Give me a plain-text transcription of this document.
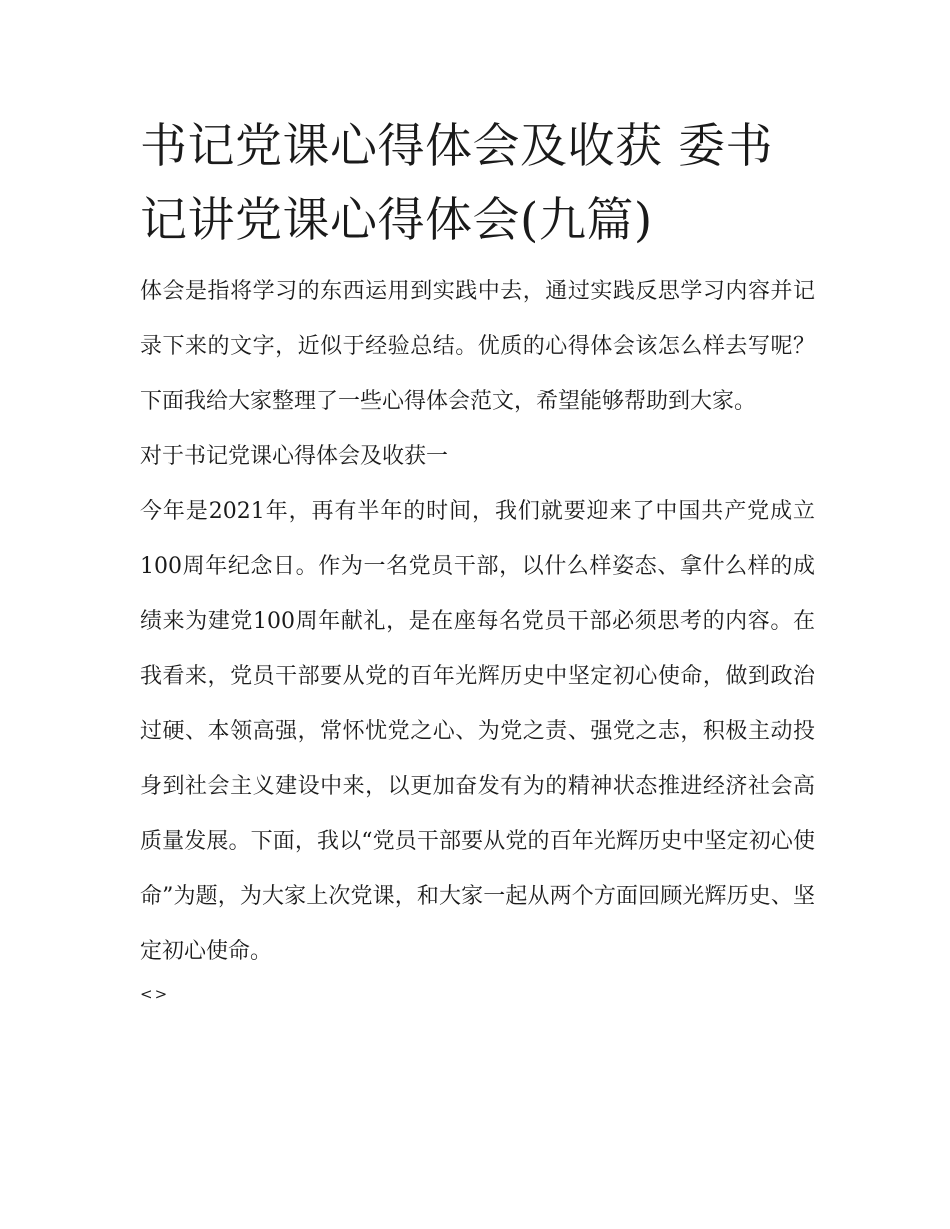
书记党课心得体会及收获 委书记讲党课心得体会(九篇)

体会是指将学习的东西运用到实践中去，通过实践反思学习内容并记录下来的文字，近似于经验总结。优质的心得体会该怎么样去写呢？下面我给大家整理了一些心得体会范文，希望能够帮助到大家。

对于书记党课心得体会及收获一

今年是2021年，再有半年的时间，我们就要迎来了中国共产党成立100周年纪念日。作为一名党员干部，以什么样姿态、拿什么样的成绩来为建党100周年献礼，是在座每名党员干部必须思考的内容。在我看来，党员干部要从党的百年光辉历史中坚定初心使命，做到政治过硬、本领高强，常怀忧党之心、为党之责、强党之志，积极主动投身到社会主义建设中来，以更加奋发有为的精神状态推进经济社会高质量发展。下面，我以“党员干部要从党的百年光辉历史中坚定初心使命”为题，为大家上次党课，和大家一起从两个方面回顾光辉历史、坚定初心使命。

<>
